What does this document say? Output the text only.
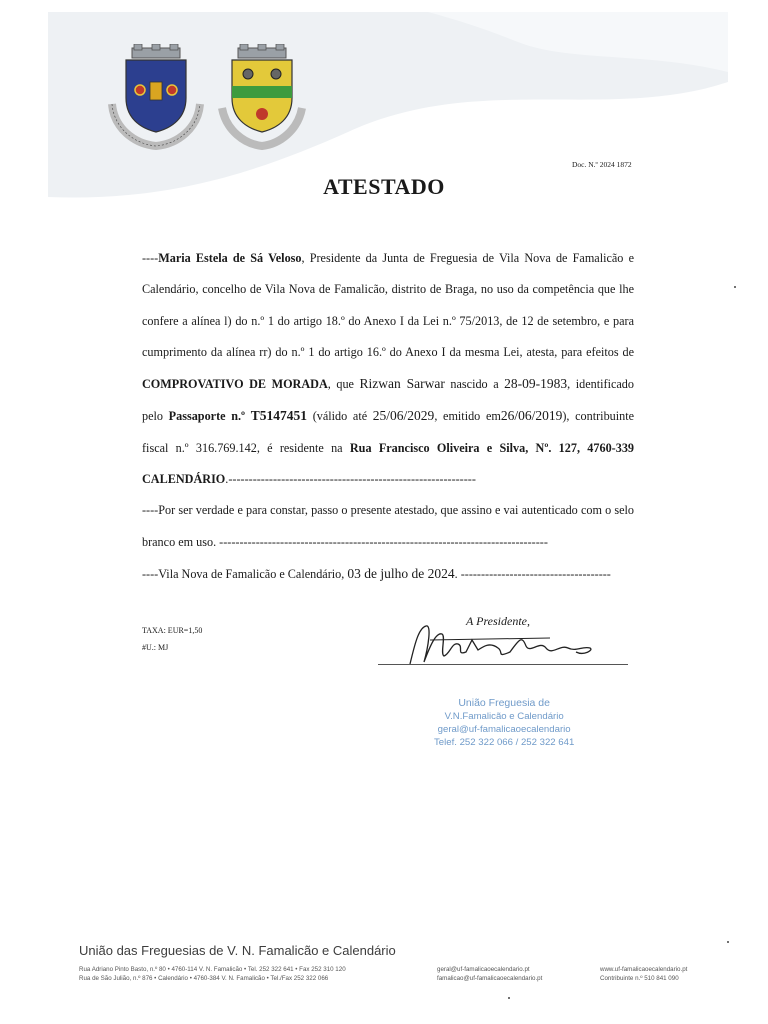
Doc. N.º 2024 1872
ATESTADO

----Maria Estela de Sá Veloso, Presidente da Junta de Freguesia de Vila Nova de Famalicão e Calendário, concelho de Vila Nova de Famalicão, distrito de Braga, no uso da competência que lhe confere a alínea l) do n.º 1 do artigo 18.º do Anexo I da Lei n.º 75/2013, de 12 de setembro, e para cumprimento da alínea rr) do n.º 1 do artigo 16.º do Anexo I da mesma Lei, atesta, para efeitos de COMPROVATIVO DE MORADA, que Rizwan Sarwar nascido a 28-09-1983, identificado pelo Passaporte n.º T5147451 (válido até 25/06/2029, emitido em26/06/2019), contribuinte fiscal n.º 316.769.142, é residente na Rua Francisco Oliveira e Silva, Nº. 127, 4760-339 CALENDÁRIO.-------------------------------------------------------------

----Por ser verdade e para constar, passo o presente atestado, que assino e vai autenticado com o selo branco em uso. ---------------------------------------------------------------------------------

----Vila Nova de Famalicão e Calendário, 03 de julho de 2024. -------------------------------------

TAXA: EUR=1,50
#U.: MJ
A Presidente,
União Freguesia de
V.N.Famalicão e Calendário
geral@uf-famalicaoecalendario
Telef. 252 322 066 / 252 322 641
União das Freguesias de V. N. Famalicão e Calendário
Rua Adriano Pinto Basto, n.º 80 • 4760-114 V. N. Famalicão • Tel. 252 322 641 • Fax 252 310 120
Rua de São Julião, n.º 876 • Calendário • 4760-384 V. N. Famalicão • Tel./Fax 252 322 066
geral@uf-famalicaoecalendario.pt
famalicao@uf-famalicaoecalendario.pt
www.uf-famalicaoecalendario.pt
Contribuinte n.º 510 841 090
